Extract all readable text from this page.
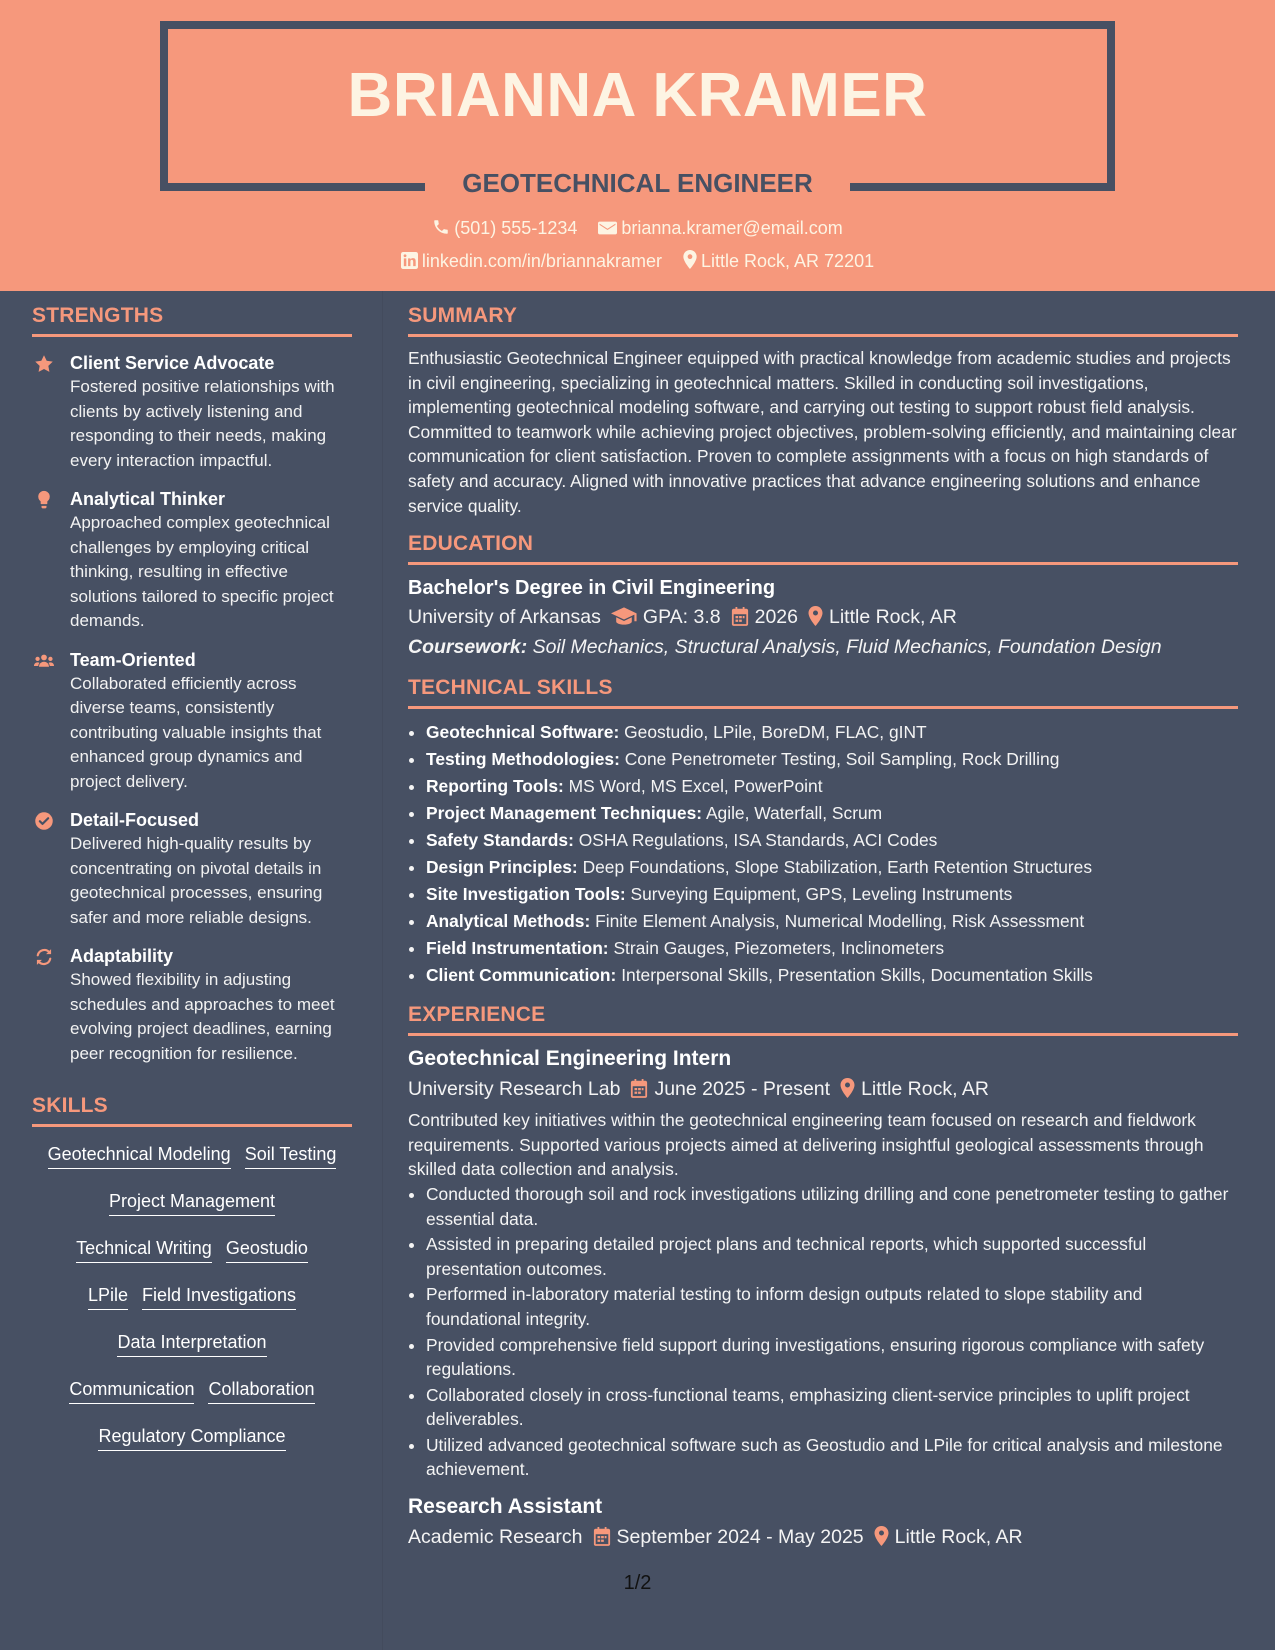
BRIANNA KRAMER
GEOTECHNICAL ENGINEER
(501) 555-1234 brianna.kramer@email.com
linkedin.com/in/briannakramer Little Rock, AR 72201
STRENGTHS
Client Service Advocate
Fostered positive relationships with clients by actively listening and responding to their needs, making every interaction impactful.
Analytical Thinker
Approached complex geotechnical challenges by employing critical thinking, resulting in effective solutions tailored to specific project demands.
Team-Oriented
Collaborated efficiently across diverse teams, consistently contributing valuable insights that enhanced group dynamics and project delivery.
Detail-Focused
Delivered high-quality results by concentrating on pivotal details in geotechnical processes, ensuring safer and more reliable designs.
Adaptability
Showed flexibility in adjusting schedules and approaches to meet evolving project deadlines, earning peer recognition for resilience.
SKILLS
Geotechnical Modeling Soil Testing
Project Management
Technical Writing Geostudio
LPile Field Investigations
Data Interpretation
Communication Collaboration
Regulatory Compliance
SUMMARY
Enthusiastic Geotechnical Engineer equipped with practical knowledge from academic studies and projects in civil engineering, specializing in geotechnical matters. Skilled in conducting soil investigations, implementing geotechnical modeling software, and carrying out testing to support robust field analysis. Committed to teamwork while achieving project objectives, problem-solving efficiently, and maintaining clear communication for client satisfaction. Proven to complete assignments with a focus on high standards of safety and accuracy. Aligned with innovative practices that advance engineering solutions and enhance service quality.
EDUCATION
Bachelor's Degree in Civil Engineering
University of Arkansas GPA: 3.8 2026 Little Rock, AR
Coursework: Soil Mechanics, Structural Analysis, Fluid Mechanics, Foundation Design
TECHNICAL SKILLS
• Geotechnical Software: Geostudio, LPile, BoreDM, FLAC, gINT
• Testing Methodologies: Cone Penetrometer Testing, Soil Sampling, Rock Drilling
• Reporting Tools: MS Word, MS Excel, PowerPoint
• Project Management Techniques: Agile, Waterfall, Scrum
• Safety Standards: OSHA Regulations, ISA Standards, ACI Codes
• Design Principles: Deep Foundations, Slope Stabilization, Earth Retention Structures
• Site Investigation Tools: Surveying Equipment, GPS, Leveling Instruments
• Analytical Methods: Finite Element Analysis, Numerical Modelling, Risk Assessment
• Field Instrumentation: Strain Gauges, Piezometers, Inclinometers
• Client Communication: Interpersonal Skills, Presentation Skills, Documentation Skills
EXPERIENCE
Geotechnical Engineering Intern
University Research Lab June 2025 - Present Little Rock, AR
Contributed key initiatives within the geotechnical engineering team focused on research and fieldwork requirements. Supported various projects aimed at delivering insightful geological assessments through skilled data collection and analysis.
• Conducted thorough soil and rock investigations utilizing drilling and cone penetrometer testing to gather essential data.
• Assisted in preparing detailed project plans and technical reports, which supported successful presentation outcomes.
• Performed in-laboratory material testing to inform design outputs related to slope stability and foundational integrity.
• Provided comprehensive field support during investigations, ensuring rigorous compliance with safety regulations.
• Collaborated closely in cross-functional teams, emphasizing client-service principles to uplift project deliverables.
• Utilized advanced geotechnical software such as Geostudio and LPile for critical analysis and milestone achievement.
Research Assistant
Academic Research September 2024 - May 2025 Little Rock, AR
1/2
